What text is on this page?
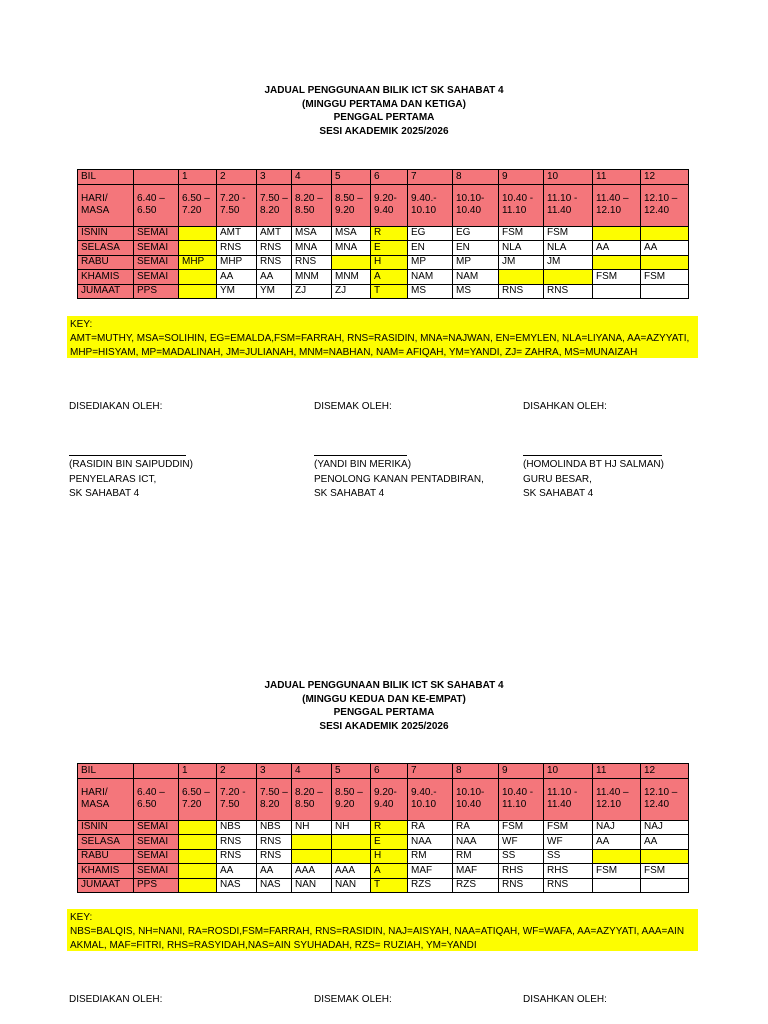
JADUAL PENGGUNAAN BILIK ICT SK SAHABAT 4
(MINGGU PERTAMA DAN KETIGA)
PENGGAL PERTAMA
SESI AKADEMIK 2025/2026
BIL		1	2	3	4	5	6	7	8	9	10	11	12
HARI/ MASA	6.40 – 6.50	6.50 – 7.20	7.20 - 7.50	7.50 – 8.20	8.20 – 8.50	8.50 – 9.20	9.20- 9.40	9.40.- 10.10	10.10- 10.40	10.40 - 11.10	11.10 - 11.40	11.40 – 12.10	12.10 – 12.40
ISNIN	SEMAI		AMT	AMT	MSA	MSA	R	EG	EG	FSM	FSM		
SELASA	SEMAI		RNS	RNS	MNA	MNA	E	EN	EN	NLA	NLA	AA	AA
RABU	SEMAI	MHP	MHP	RNS	RNS		H	MP	MP	JM	JM		
KHAMIS	SEMAI		AA	AA	MNM	MNM	A	NAM	NAM			FSM	FSM
JUMAAT	PPS		YM	YM	ZJ	ZJ	T	MS	MS	RNS	RNS		
KEY:
AMT=MUTHY, MSA=SOLIHIN, EG=EMALDA,FSM=FARRAH, RNS=RASIDIN, MNA=NAJWAN, EN=EMYLEN, NLA=LIYANA, AA=AZYYATI,
MHP=HISYAM, MP=MADALINAH, JM=JULIANAH, MNM=NABHAN, NAM= AFIQAH, YM=YANDI, ZJ= ZAHRA, MS=MUNAIZAH
DISEDIAKAN OLEH:	DISEMAK OLEH:	DISAHKAN OLEH:
(RASIDIN BIN SAIPUDDIN)
PENYELARAS ICT,
SK SAHABAT 4
(YANDI BIN MERIKA)
PENOLONG KANAN PENTADBIRAN,
SK SAHABAT 4
(HOMOLINDA BT HJ SALMAN)
GURU BESAR,
SK SAHABAT 4
JADUAL PENGGUNAAN BILIK ICT SK SAHABAT 4
(MINGGU KEDUA DAN KE-EMPAT)
PENGGAL PERTAMA
SESI AKADEMIK 2025/2026
BIL		1	2	3	4	5	6	7	8	9	10	11	12
HARI/ MASA	6.40 – 6.50	6.50 – 7.20	7.20 - 7.50	7.50 – 8.20	8.20 – 8.50	8.50 – 9.20	9.20- 9.40	9.40.- 10.10	10.10- 10.40	10.40 - 11.10	11.10 - 11.40	11.40 – 12.10	12.10 – 12.40
ISNIN	SEMAI		NBS	NBS	NH	NH	R	RA	RA	FSM	FSM	NAJ	NAJ
SELASA	SEMAI		RNS	RNS			E	NAA	NAA	WF	WF	AA	AA
RABU	SEMAI		RNS	RNS			H	RM	RM	SS	SS		
KHAMIS	SEMAI		AA	AA	AAA	AAA	A	MAF	MAF	RHS	RHS	FSM	FSM
JUMAAT	PPS		NAS	NAS	NAN	NAN	T	RZS	RZS	RNS	RNS		
KEY:
NBS=BALQIS, NH=NANI, RA=ROSDI,FSM=FARRAH, RNS=RASIDIN, NAJ=AISYAH, NAA=ATIQAH, WF=WAFA, AA=AZYYATI, AAA=AIN
AKMAL, MAF=FITRI, RHS=RASYIDAH,NAS=AIN SYUHADAH, RZS= RUZIAH, YM=YANDI
DISEDIAKAN OLEH:	DISEMAK OLEH:	DISAHKAN OLEH:
